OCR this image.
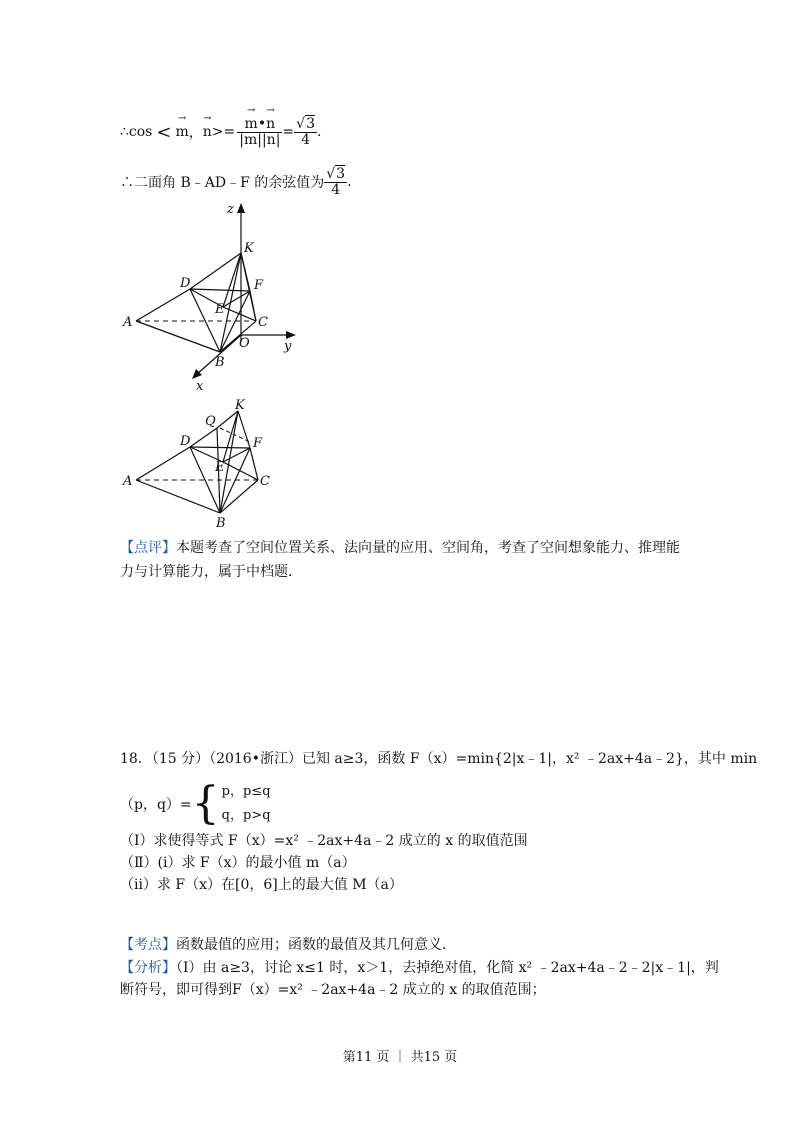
∴cos < → m ， → n >= → $\frac{m•\to n}{|m||n|} = \frac{√3}{4}$ .
∴二面角 B﹣AD﹣F 的余弦值为 $\frac{√3}{4}$ .
z
K
D	F
E
A	C
O	y
B
x
Q
K
D	F
E
A	C
B
【点评】本题考查了空间位置关系、法向量的应用、空间角，考查了空间想象能力、推理能
力与计算能力，属于中档题．
18．（15 分）（2016•浙江）已知 a≥3，函数 F（x）=min{2|x﹣1|，x² ﹣2ax+4a﹣2}，其中 min
（p，q）= { p，p≤q
q，p>q
（Ⅰ）求使得等式 F（x）=x² ﹣2ax+4a﹣2 成立的 x 的取值范围
（Ⅱ）(i）求 F（x）的最小值 m（a）
（ii）求 F（x）在[0，6]上的最大值 M（a）
【考点】函数最值的应用；函数的最值及其几何意义．
【分析】（Ⅰ）由 a≥3，讨论 x≤1 时，x＞1，去掉绝对值，化简 x² ﹣2ax+4a﹣2﹣2|x﹣1|，判
断符号，即可得到F（x）=x² ﹣2ax+4a﹣2 成立的 x 的取值范围；
第11 页 ｜ 共15 页
